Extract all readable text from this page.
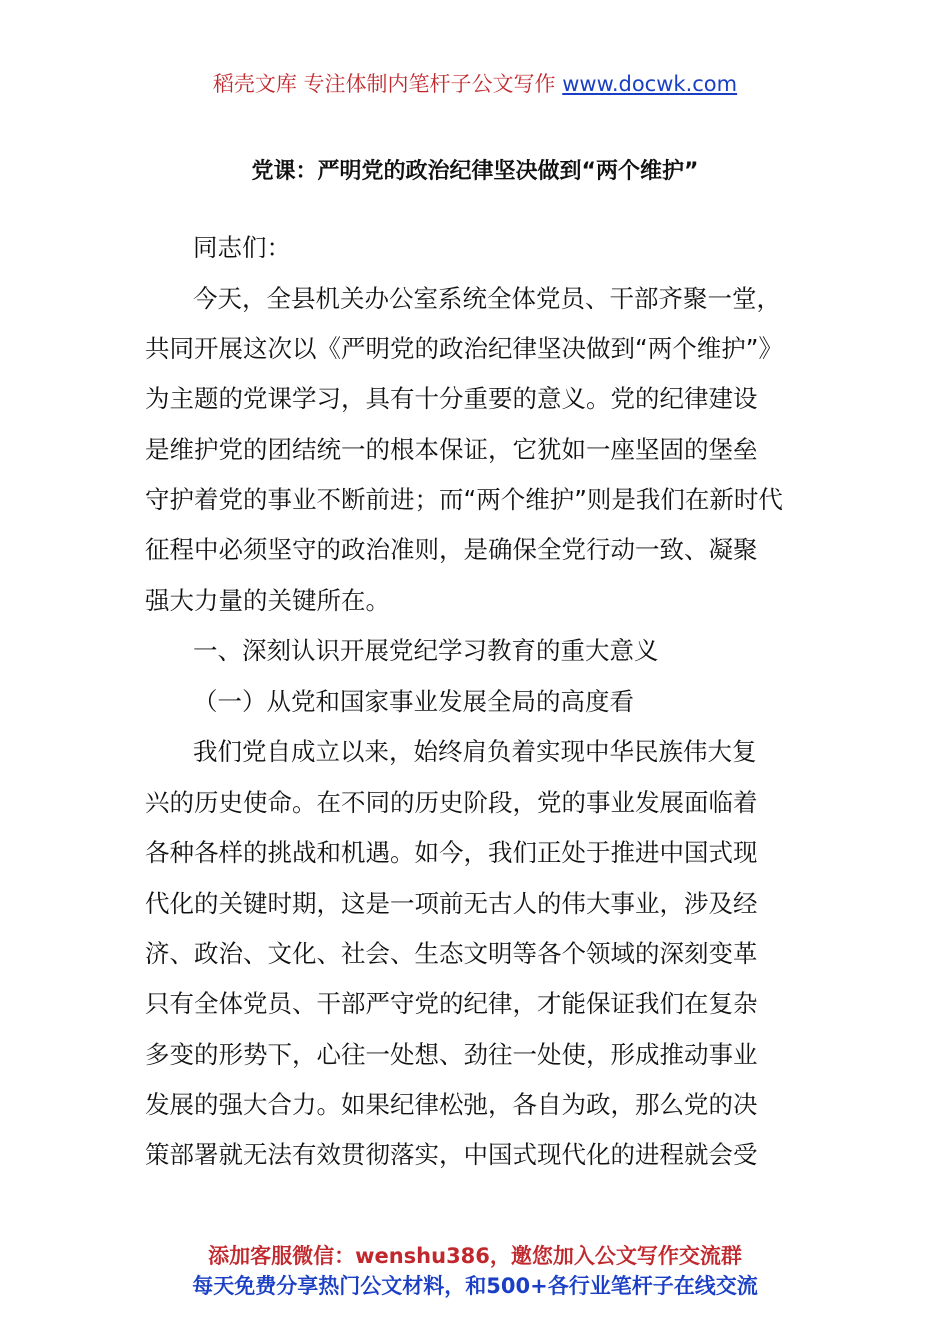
稻壳文库 专注体制内笔杆子公文写作 www.docwk.com
党课：严明党的政治纪律坚决做到“两个维护”
同志们：
今天，全县机关办公室系统全体党员、干部齐聚一堂，
共同开展这次以《严明党的政治纪律坚决做到“两个维护”》
为主题的党课学习，具有十分重要的意义。党的纪律建设
是维护党的团结统一的根本保证，它犹如一座坚固的堡垒
守护着党的事业不断前进；而“两个维护”则是我们在新时代
征程中必须坚守的政治准则，是确保全党行动一致、凝聚
强大力量的关键所在。
一、深刻认识开展党纪学习教育的重大意义
（一）从党和国家事业发展全局的高度看
我们党自成立以来，始终肩负着实现中华民族伟大复
兴的历史使命。在不同的历史阶段，党的事业发展面临着
各种各样的挑战和机遇。如今，我们正处于推进中国式现
代化的关键时期，这是一项前无古人的伟大事业，涉及经
济、政治、文化、社会、生态文明等各个领域的深刻变革
只有全体党员、干部严守党的纪律，才能保证我们在复杂
多变的形势下，心往一处想、劲往一处使，形成推动事业
发展的强大合力。如果纪律松弛，各自为政，那么党的决
策部署就无法有效贯彻落实，中国式现代化的进程就会受
添加客服微信：wenshu386，邀您加入公文写作交流群
每天免费分享热门公文材料，和500+各行业笔杆子在线交流
